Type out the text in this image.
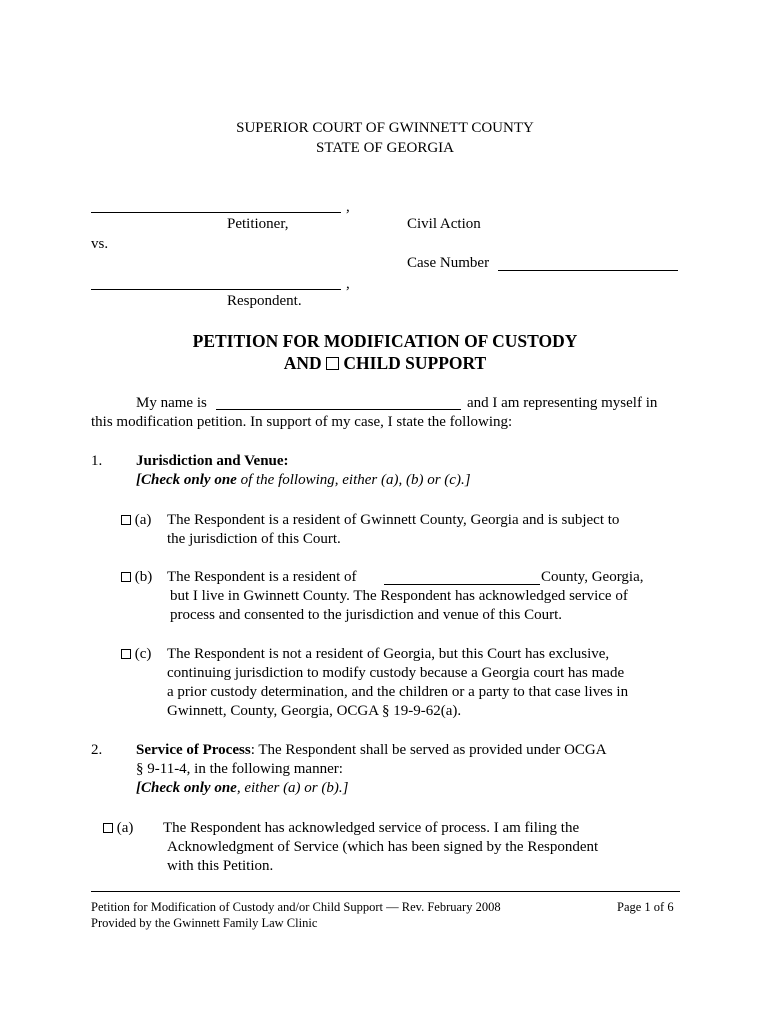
SUPERIOR COURT OF GWINNETT COUNTY
STATE OF GEORGIA
,
Petitioner,	Civil Action
vs.
Case Number
,
Respondent.
PETITION FOR MODIFICATION OF CUSTODY
AND CHILD SUPPORT
My name is	and I am representing myself in
this modification petition. In support of my case, I state the following:
1. Jurisdiction and Venue:
[Check only one of the following, either (a), (b) or (c).]
(a) The Respondent is a resident of Gwinnett County, Georgia and is subject to
the jurisdiction of this Court.
(b) The Respondent is a resident of	County, Georgia,
but I live in Gwinnett County. The Respondent has acknowledged service of
process and consented to the jurisdiction and venue of this Court.
(c) The Respondent is not a resident of Georgia, but this Court has exclusive,
continuing jurisdiction to modify custody because a Georgia court has made
a prior custody determination, and the children or a party to that case lives in
Gwinnett, County, Georgia, OCGA § 19-9-62(a).
2. Service of Process: The Respondent shall be served as provided under OCGA
§ 9-11-4, in the following manner:
[Check only one, either (a) or (b).]
(a) The Respondent has acknowledged service of process. I am filing the
Acknowledgment of Service (which has been signed by the Respondent
with this Petition.
Petition for Modification of Custody and/or Child Support — Rev. February 2008	Page 1 of 6
Provided by the Gwinnett Family Law Clinic
